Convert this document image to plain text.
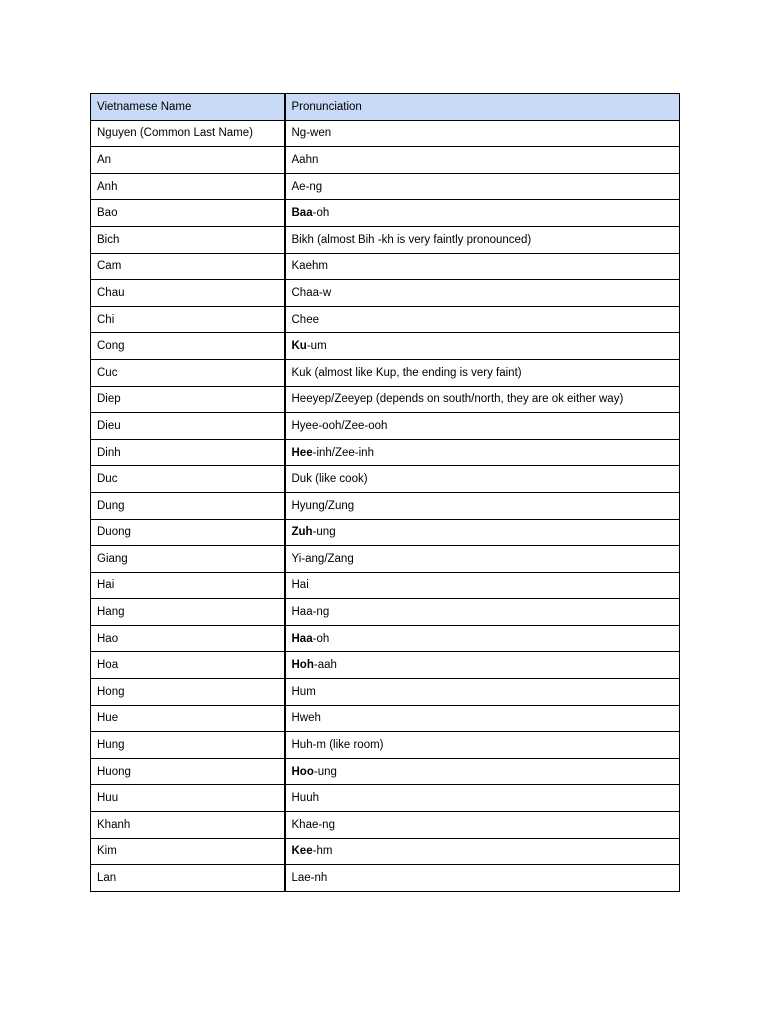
Vietnamese Name	Pronunciation
Nguyen (Common Last Name)	Ng-wen
An	Aahn
Anh	Ae-ng
Bao	Baa-oh
Bich	Bikh (almost Bih -kh is very faintly pronounced)
Cam	Kaehm
Chau	Chaa-w
Chi	Chee
Cong	Ku-um
Cuc	Kuk (almost like Kup, the ending is very faint)
Diep	Heeyep/Zeeyep (depends on south/north, they are ok either way)
Dieu	Hyee-ooh/Zee-ooh
Dinh	Hee-inh/Zee-inh
Duc	Duk (like cook)
Dung	Hyung/Zung
Duong	Zuh-ung
Giang	Yi-ang/Zang
Hai	Hai
Hang	Haa-ng
Hao	Haa-oh
Hoa	Hoh-aah
Hong	Hum
Hue	Hweh
Hung	Huh-m (like room)
Huong	Hoo-ung
Huu	Huuh
Khanh	Khae-ng
Kim	Kee-hm
Lan	Lae-nh
